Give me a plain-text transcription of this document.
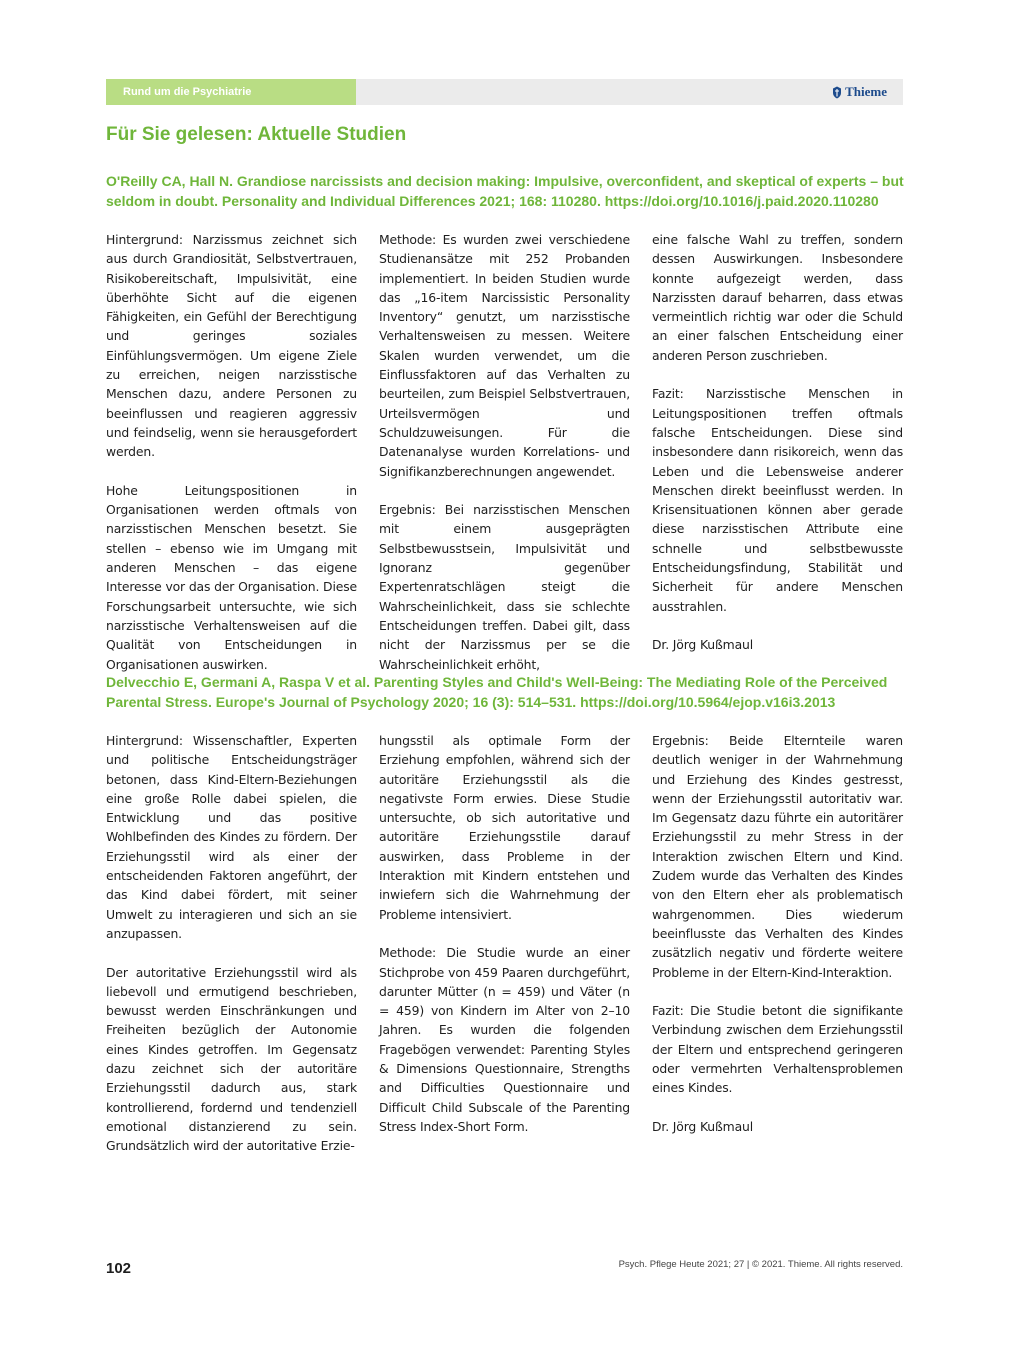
Rund um die Psychiatrie	Thieme
Für Sie gelesen: Aktuelle Studien
O'Reilly CA, Hall N. Grandiose narcissists and decision making: Impulsive, overconfident, and skeptical of experts – but seldom in doubt. Personality and Individual Differences 2021; 168: 110280. https://doi.org/10.1016/j.paid.2020.110280

Hintergrund: Narzissmus zeichnet sich aus durch Grandiosität, Selbstvertrauen, Risikobereitschaft, Impulsivität, eine überhöhte Sicht auf die eigenen Fähigkeiten, ein Gefühl der Berechtigung und geringes soziales Einfühlungsvermögen. Um eigene Ziele zu erreichen, neigen narzisstische Menschen dazu, andere Personen zu beeinflussen und reagieren aggressiv und feindselig, wenn sie herausgefordert werden.

Hohe Leitungspositionen in Organisationen werden oftmals von narzisstischen Menschen besetzt. Sie stellen – ebenso wie im Umgang mit anderen Menschen – das eigene Interesse vor das der Organisation. Diese Forschungsarbeit untersuchte, wie sich narzisstische Verhaltensweisen auf die Qualität von Entscheidungen in Organisationen auswirken.

Methode: Es wurden zwei verschiedene Studienansätze mit 252 Probanden implementiert. In beiden Studien wurde das „16-item Narcissistic Personality Inventory“ genutzt, um narzisstische Verhaltensweisen zu messen. Weitere Skalen wurden verwendet, um die Einflussfaktoren auf das Verhalten zu beurteilen, zum Beispiel Selbstvertrauen, Urteilsvermögen und Schuldzuweisungen. Für die Datenanalyse wurden Korrelations- und Signifikanzberechnungen angewendet.

Ergebnis: Bei narzisstischen Menschen mit einem ausgeprägten Selbstbewusstsein, Impulsivität und Ignoranz gegenüber Expertenratschlägen steigt die Wahrscheinlichkeit, dass sie schlechte Entscheidungen treffen. Dabei gilt, dass nicht der Narzissmus per se die Wahrscheinlichkeit erhöht,

eine falsche Wahl zu treffen, sondern dessen Auswirkungen. Insbesondere konnte aufgezeigt werden, dass Narzissten darauf beharren, dass etwas vermeintlich richtig war oder die Schuld an einer falschen Entscheidung einer anderen Person zuschrieben.

Fazit: Narzisstische Menschen in Leitungspositionen treffen oftmals falsche Entscheidungen. Diese sind insbesondere dann risikoreich, wenn das Leben und die Lebensweise anderer Menschen direkt beeinflusst werden. In Krisensituationen können aber gerade diese narzisstischen Attribute eine schnelle und selbstbewusste Entscheidungsfindung, Stabilität und Sicherheit für andere Menschen ausstrahlen.

Dr. Jörg Kußmaul

Delvecchio E, Germani A, Raspa V et al. Parenting Styles and Child's Well-Being: The Mediating Role of the Perceived Parental Stress. Europe's Journal of Psychology 2020; 16 (3): 514–531. https://doi.org/10.5964/ejop.v16i3.2013

Hintergrund: Wissenschaftler, Experten und politische Entscheidungsträger betonen, dass Kind-Eltern-Beziehungen eine große Rolle dabei spielen, die Entwicklung und das positive Wohlbefinden des Kindes zu fördern. Der Erziehungsstil wird als einer der entscheidenden Faktoren angeführt, der das Kind dabei fördert, mit seiner Umwelt zu interagieren und sich an sie anzupassen.

Der autoritative Erziehungsstil wird als liebevoll und ermutigend beschrieben, bewusst werden Einschränkungen und Freiheiten bezüglich der Autonomie eines Kindes getroffen. Im Gegensatz dazu zeichnet sich der autoritäre Erziehungsstil dadurch aus, stark kontrollierend, fordernd und tendenziell emotional distanzierend zu sein. Grundsätzlich wird der autoritative Erzie-

hungsstil als optimale Form der Erziehung empfohlen, während sich der autoritäre Erziehungsstil als die negativste Form erwies. Diese Studie untersuchte, ob sich autoritative und autoritäre Erziehungsstile darauf auswirken, dass Probleme in der Interaktion mit Kindern entstehen und inwiefern sich die Wahrnehmung der Probleme intensiviert.

Methode: Die Studie wurde an einer Stichprobe von 459 Paaren durchgeführt, darunter Mütter (n = 459) und Väter (n = 459) von Kindern im Alter von 2–10 Jahren. Es wurden die folgenden Fragebögen verwendet: Parenting Styles & Dimensions Questionnaire, Strengths and Difficulties Questionnaire und Difficult Child Subscale of the Parenting Stress Index-Short Form.

Ergebnis: Beide Elternteile waren deutlich weniger in der Wahrnehmung und Erziehung des Kindes gestresst, wenn der Erziehungsstil autoritativ war. Im Gegensatz dazu führte ein autoritärer Erziehungsstil zu mehr Stress in der Interaktion zwischen Eltern und Kind. Zudem wurde das Verhalten des Kindes von den Eltern eher als problematisch wahrgenommen. Dies wiederum beeinflusste das Verhalten des Kindes zusätzlich negativ und förderte weitere Probleme in der Eltern-Kind-Interaktion.

Fazit: Die Studie betont die signifikante Verbindung zwischen dem Erziehungsstil der Eltern und entsprechend geringeren oder vermehrten Verhaltensproblemen eines Kindes.

Dr. Jörg Kußmaul

102	Psych. Pflege Heute 2021; 27 | © 2021. Thieme. All rights reserved.
